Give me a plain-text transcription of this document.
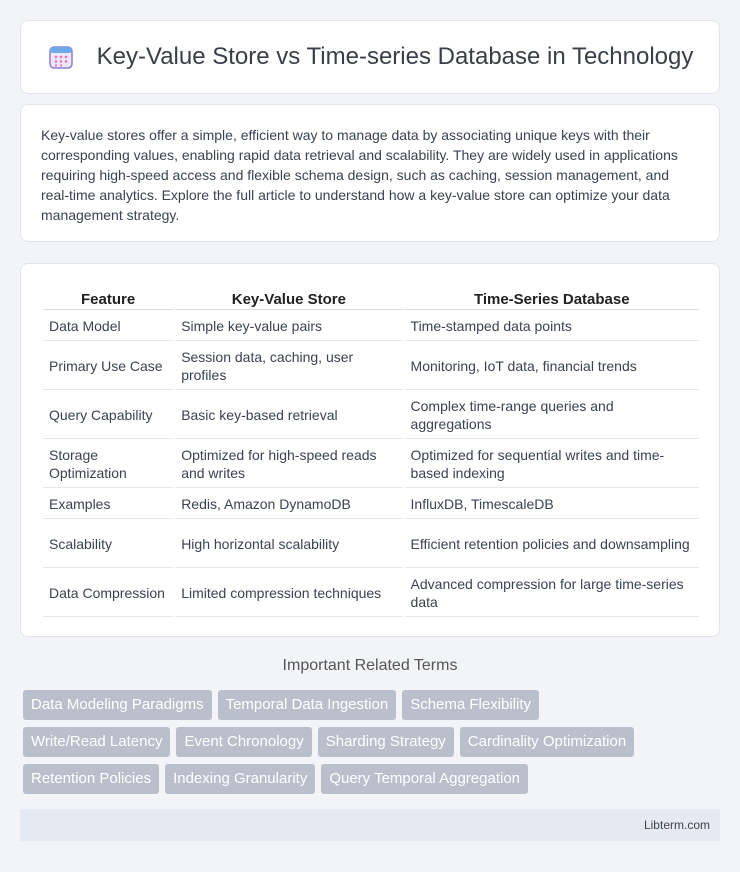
Key-Value Store vs Time-series Database in Technology

Key-value stores offer a simple, efficient way to manage data by associating unique keys with their corresponding values, enabling rapid data retrieval and scalability. They are widely used in applications requiring high-speed access and flexible schema design, such as caching, session management, and real-time analytics. Explore the full article to understand how a key-value store can optimize your data management strategy.

Feature	Key-Value Store	Time-Series Database
Data Model	Simple key-value pairs	Time-stamped data points
Primary Use Case	Session data, caching, user profiles	Monitoring, IoT data, financial trends
Query Capability	Basic key-based retrieval	Complex time-range queries and aggregations
Storage Optimization	Optimized for high-speed reads and writes	Optimized for sequential writes and time-based indexing
Examples	Redis, Amazon DynamoDB	InfluxDB, TimescaleDB
Scalability	High horizontal scalability	Efficient retention policies and downsampling
Data Compression	Limited compression techniques	Advanced compression for large time-series data
Important Related Terms
Data Modeling Paradigms	Temporal Data Ingestion	Schema Flexibility
Write/Read Latency	Event Chronology	Sharding Strategy	Cardinality Optimization
Retention Policies	Indexing Granularity	Query Temporal Aggregation
Libterm.com
